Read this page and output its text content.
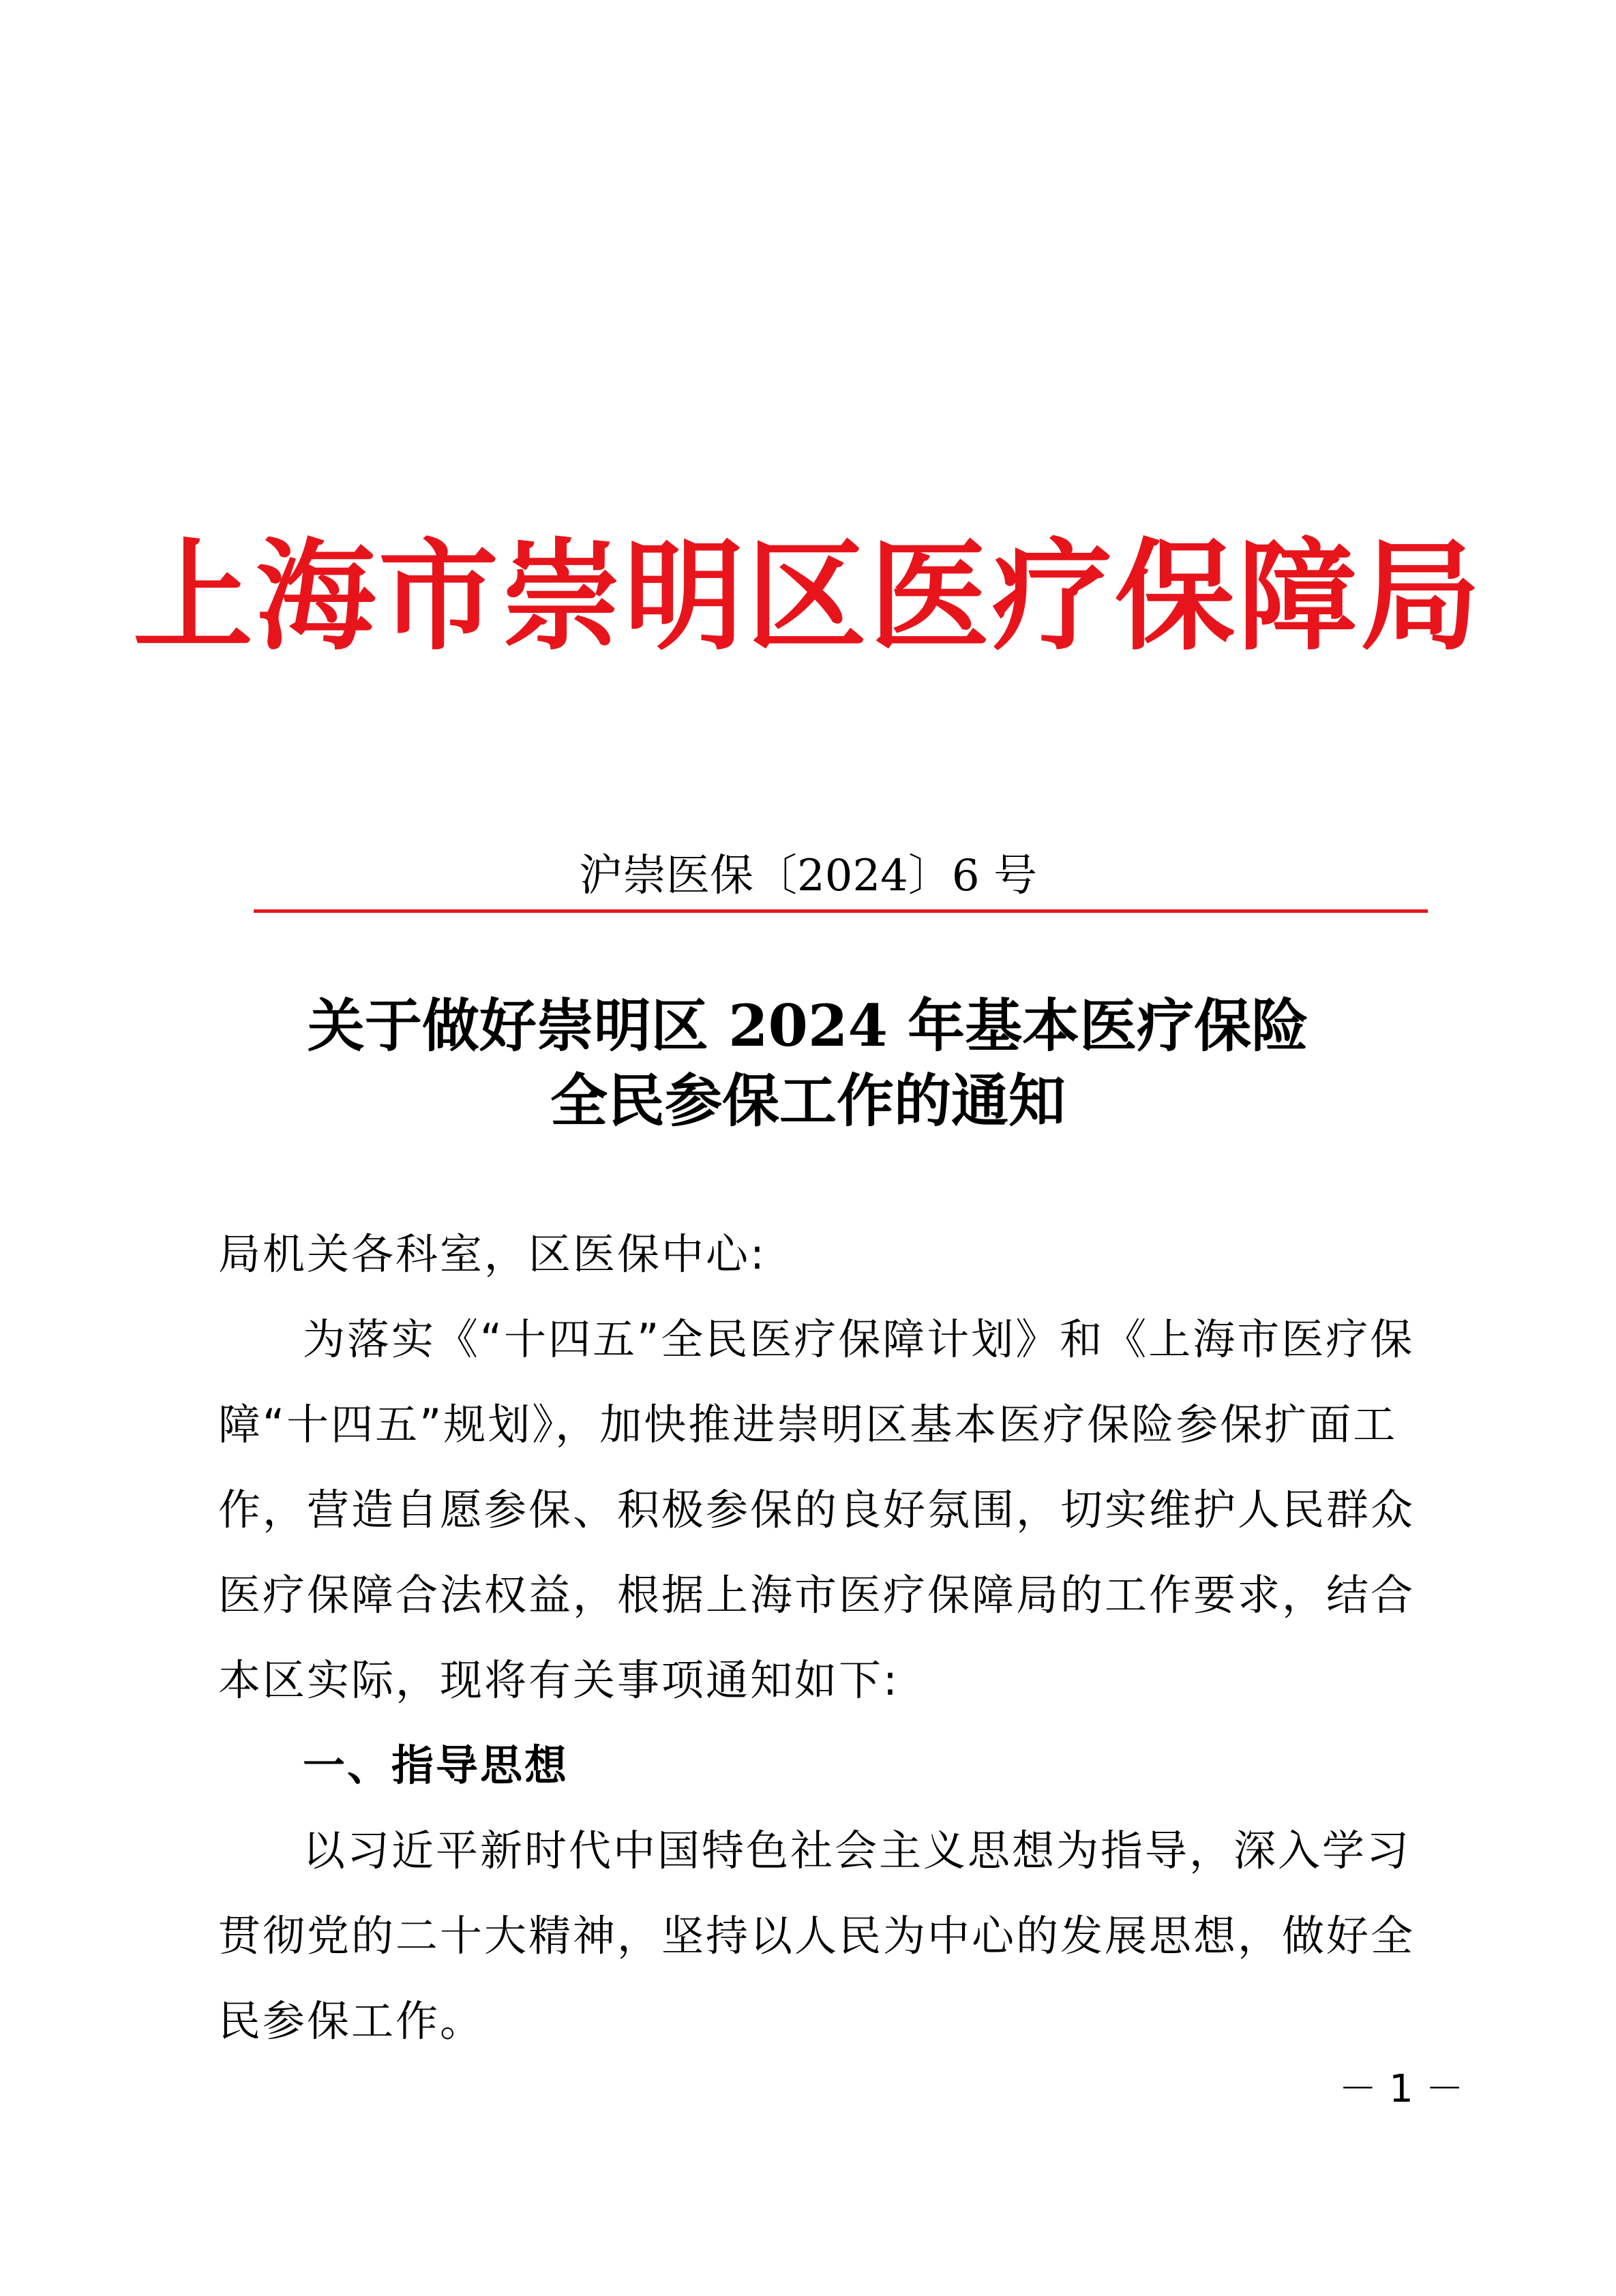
上海市崇明区医疗保障局
沪崇医保〔2024〕6 号
关于做好崇明区 2024 年基本医疗保险
全民参保工作的通知
局机关各科室，区医保中心:
为落实《“十四五”全民医疗保障计划》和《上海市医疗保
障“十四五”规划》，加快推进崇明区基本医疗保险参保扩面工
作，营造自愿参保、积极参保的良好氛围，切实维护人民群众
医疗保障合法权益，根据上海市医疗保障局的工作要求，结合
本区实际，现将有关事项通知如下:
一、指导思想
以习近平新时代中国特色社会主义思想为指导，深入学习
贯彻党的二十大精神，坚持以人民为中心的发展思想，做好全
民参保工作。
－ 1 －
